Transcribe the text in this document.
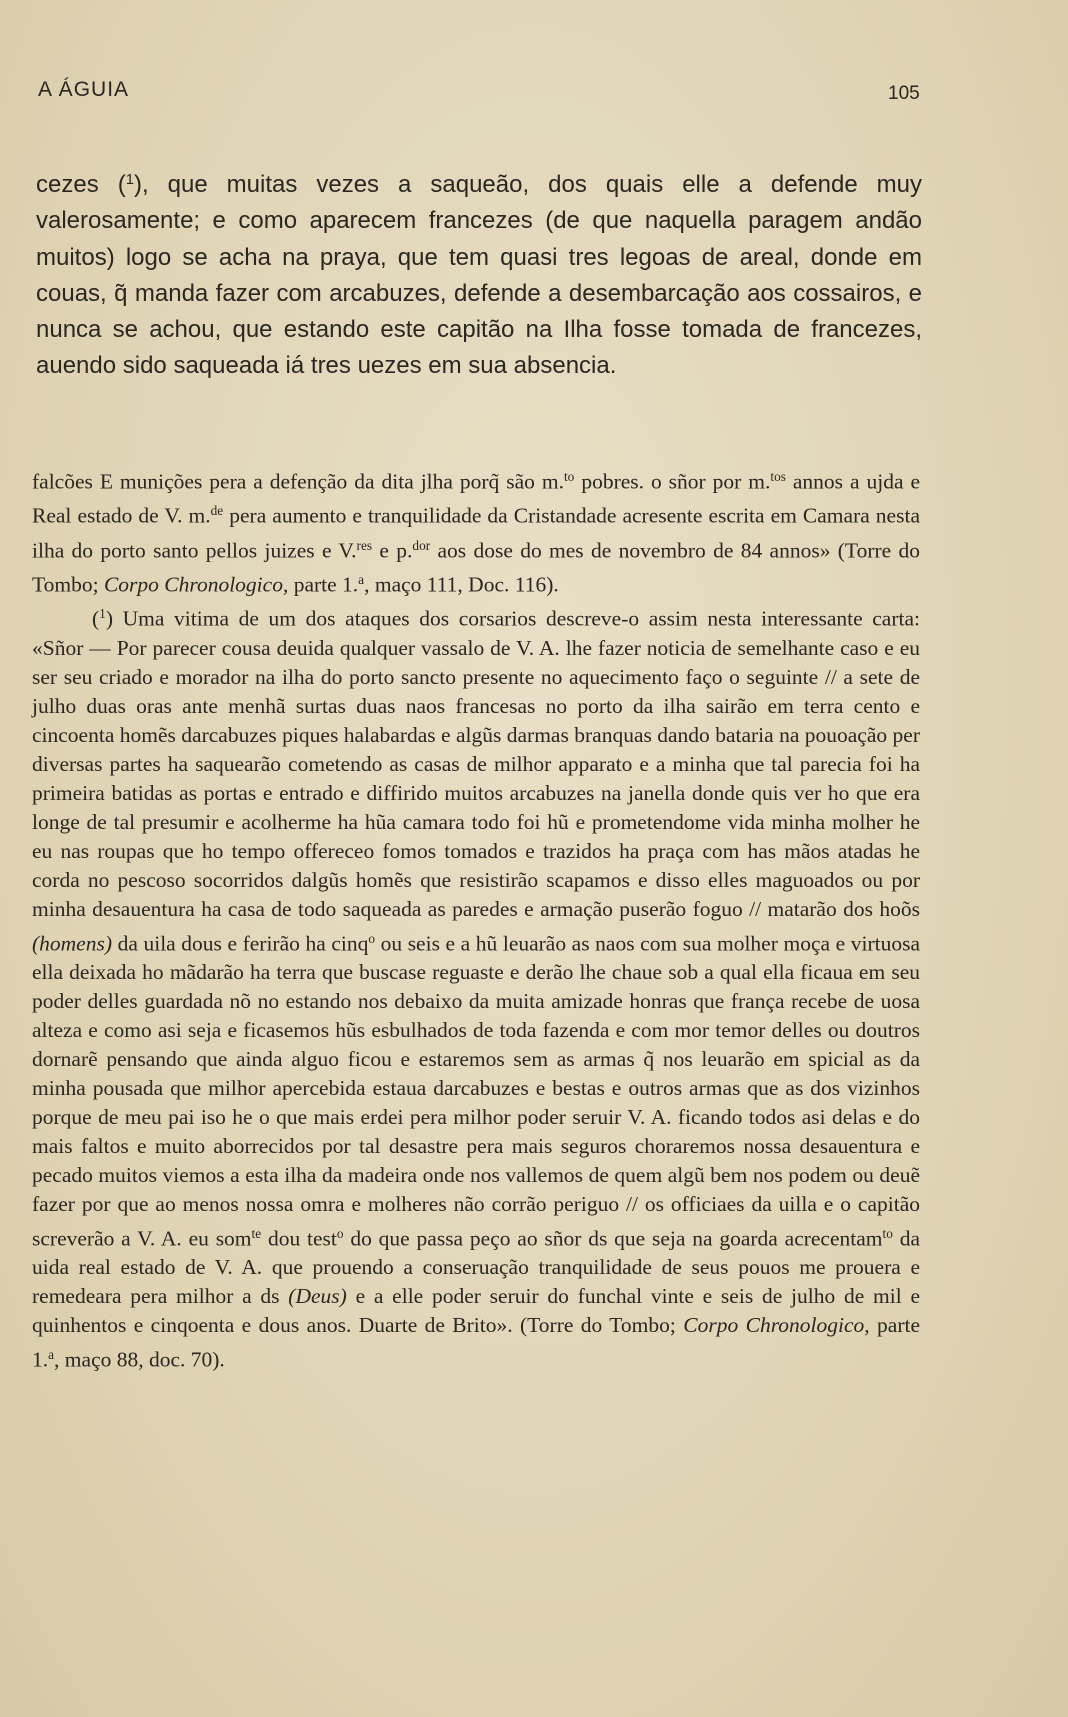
A ÁGUIA	105

cezes ($^1$), que muitas vezes a saqueão, dos quais elle a defende muy valerosamente; e como aparecem francezes (de que naquella paragem andão muitos) logo se acha na praya, que tem quasi tres legoas de areal, donde em couas, q̃ manda fazer com arcabuzes, defende a desembarcação aos cossairos, e nunca se achou, que estando este capitão na Ilha fosse tomada de francezes, auendo sido saqueada iá tres uezes em sua absencia.

falcões E munições pera a defenção da dita jlha porq̃ são m.$^{to}$ pobres. o sñor por m.$^{tos}$ annos a ujda e Real estado de V. m.$^{de}$ pera aumento e tranquilidade da Cristandade acresente escrita em Camara nesta ilha do porto santo pellos juizes e V.$^{res}$ e p.$^{dor}$ aos dose do mes de novembro de 84 annos» (Torre do Tombo; Corpo Chronologico, parte 1.$^a$, maço 111, Doc. 116).

($^1$) Uma vitima de um dos ataques dos corsarios descreve-o assim nesta interessante carta: «Sñor — Por parecer cousa deuida qualquer vassalo de V. A. lhe fazer noticia de semelhante caso e eu ser seu criado e morador na ilha do porto sancto presente no aquecimento faço o seguinte // a sete de julho duas oras ante menhã surtas duas naos francesas no porto da ilha sairão em terra cento e cincoenta homẽs darcabuzes piques halabardas e algũs darmas branquas dando bataria na pouoação per diversas partes ha saquearão cometendo as casas de milhor apparato e a minha que tal parecia foi ha primeira batidas as portas e entrado e diffirido muitos arcabuzes na janella donde quis ver ho que era longe de tal presumir e acolherme ha hũa camara todo foi hũ e prometendome vida minha molher he eu nas roupas que ho tempo offereceo fomos tomados e trazidos ha praça com has mãos atadas he corda no pescoso socorridos dalgũs homẽs que resistirão scapamos e disso elles maguoados ou por minha desauentura ha casa de todo saqueada as paredes e armação puserão foguo // matarão dos hoõs (homens) da uila dous e ferirão ha cinq$^o$ ou seis e a hũ leuarão as naos com sua molher moça e virtuosa ella deixada ho mãdarão ha terra que buscase reguaste e derão lhe chaue sob a qual ella ficaua em seu poder delles guardada nõ no estando nos debaixo da muita amizade honras que frança recebe de uosa alteza e como asi seja e ficasemos hũs esbulhados de toda fazenda e com mor temor delles ou doutros dornarẽ pensando que ainda alguo ficou e estaremos sem as armas q̃ nos leuarão em spicial as da minha pousada que milhor apercebida estaua darcabuzes e bestas e outros armas que as dos vizinhos porque de meu pai iso he o que mais erdei pera milhor poder seruir V. A. ficando todos asi delas e do mais faltos e muito aborrecidos por tal desastre pera mais seguros choraremos nossa desauentura e pecado muitos viemos a esta ilha da madeira onde nos vallemos de quem algũ bem nos podem ou deuẽ fazer por que ao menos nossa omra e molheres não corrão periguo // os officiaes da uilla e o capitão screverão a V. A. eu som$^{te}$ dou test$^o$ do que passa peço ao sñor ds que seja na goarda acrecentam$^{to}$ da uida real estado de V. A. que prouendo a conseruação tranquilidade de seus pouos me prouera e remedeara pera milhor a ds (Deus) e a elle poder seruir do funchal vinte e seis de julho de mil e quinhentos e cinqoenta e dous anos. Duarte de Brito». (Torre do Tombo; Corpo Chronologico, parte 1.$^a$, maço 88, doc. 70).
